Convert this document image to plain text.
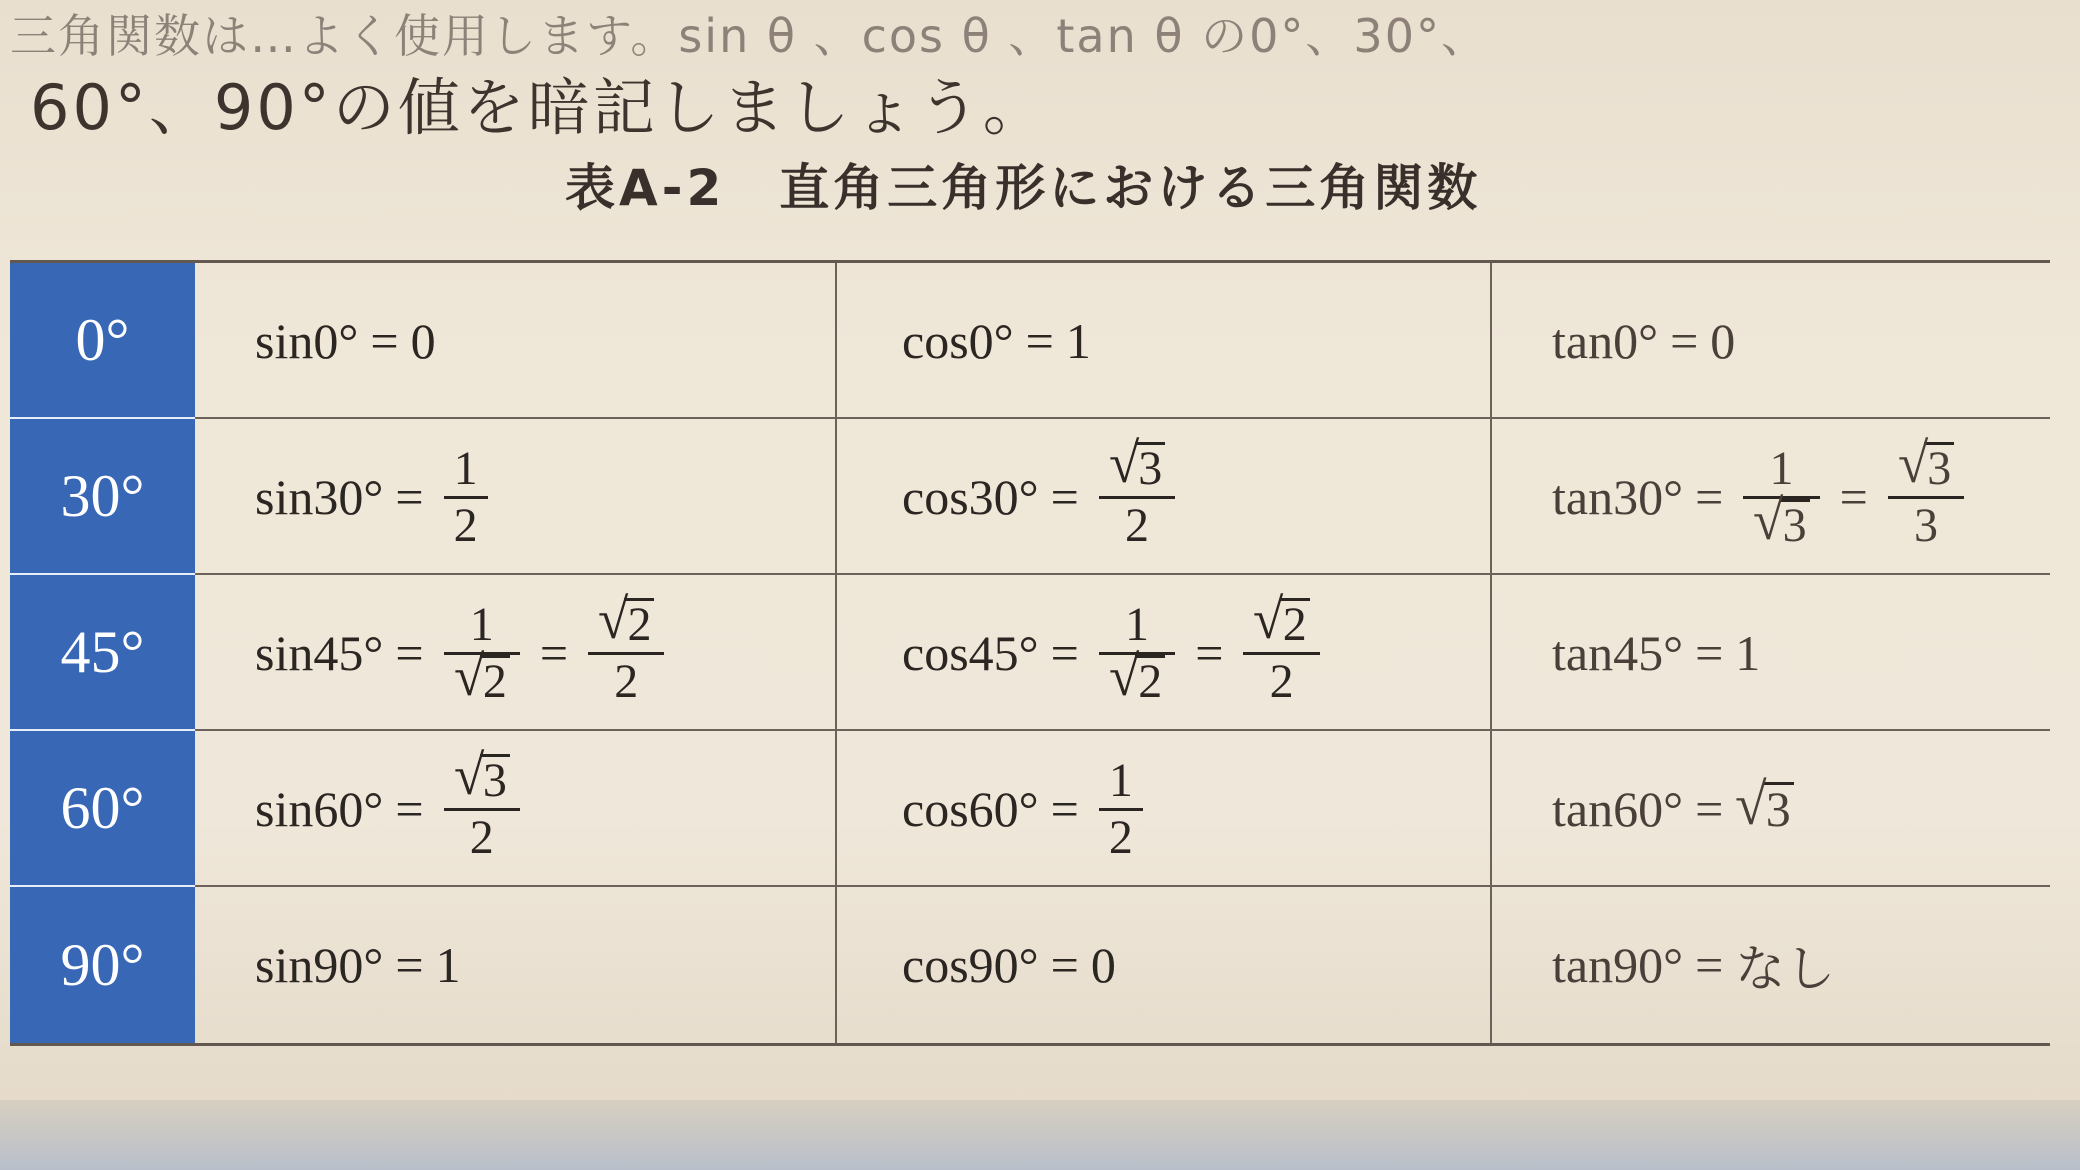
三角関数は…よく使用します。sin θ 、cos θ 、tan θ の0°、30°、
60°、90°の値を暗記しましょう。
表A-2 直角三角形における三角関数
0°	sin0° = 0	cos0° = 1	tan0° = 0
30°	$\sin 30^\circ = \frac{1}{2}$	$\cos 30^\circ = \frac{√3}{2}$	$\tan 30^\circ = \frac{1}{√3} = \frac{√3}{3}$
45°	$\sin 45^\circ = \frac{1}{√2} = \frac{√2}{2}$	$\cos 45^\circ = \frac{1}{√2} = \frac{√2}{2}$	tan45° = 1
60°	$\sin 60^\circ = \frac{√3}{2}$	$\cos 60^\circ = \frac{1}{2}$	tan60° = √3
90°	sin90° = 1	cos90° = 0	tan90° = なし
